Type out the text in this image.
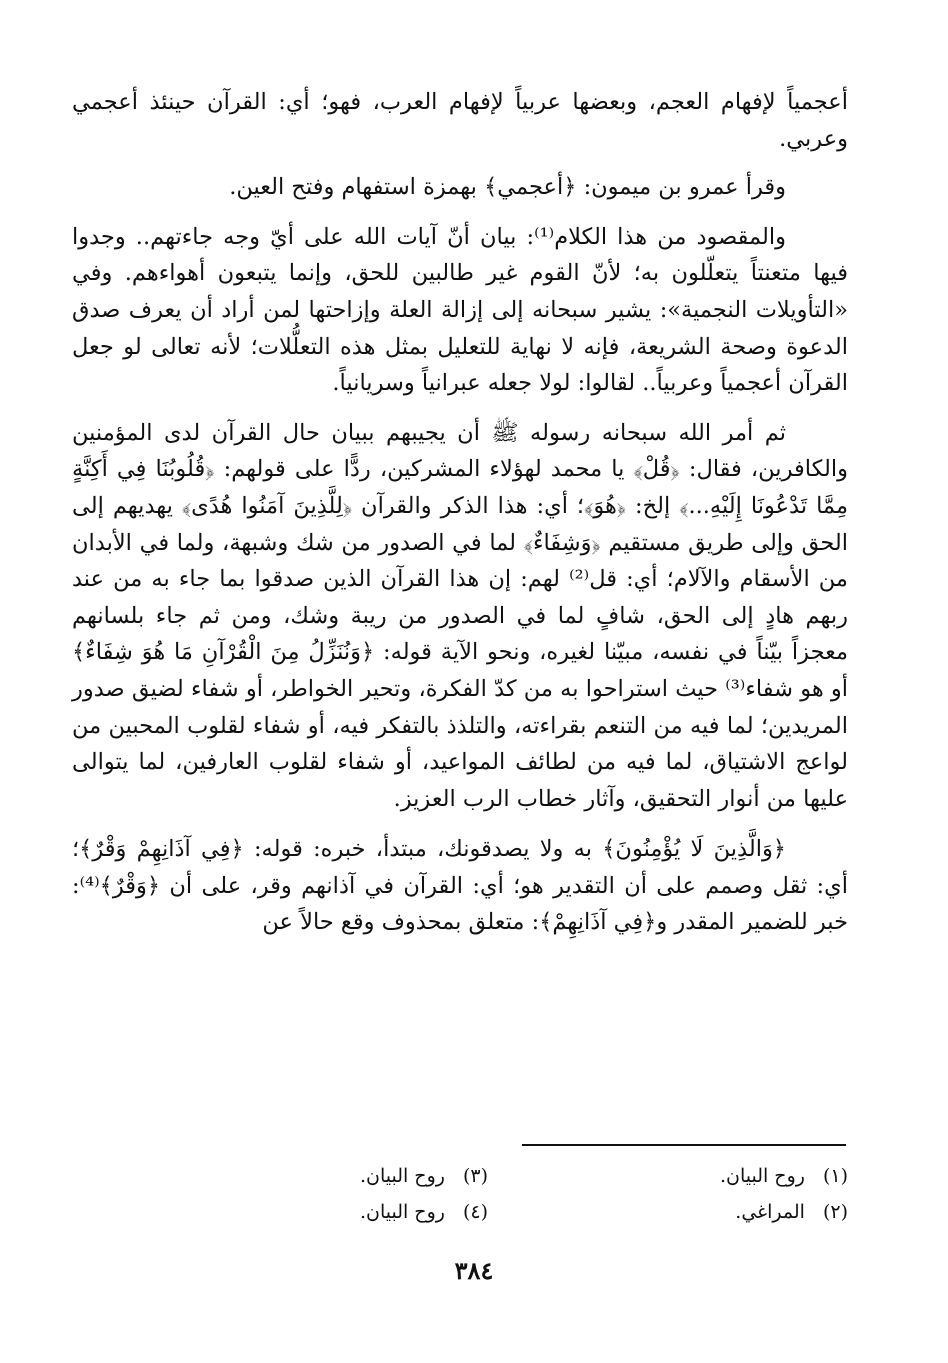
أعجمياً لإفهام العجم، وبعضها عربياً لإفهام العرب، فهو؛ أي: القرآن حينئذ أعجمي وعربي.

وقرأ عمرو بن ميمون: ﴿أعجمي﴾ بهمزة استفهام وفتح العين.

والمقصود من هذا الكلام⁽¹⁾: بيان أنّ آيات الله على أيّ وجه جاءتهم.. وجدوا فيها متعنتاً يتعلّلون به؛ لأنّ القوم غير طالبين للحق، وإنما يتبعون أهواءهم. وفي «التأويلات النجمية»: يشير سبحانه إلى إزالة العلة وإزاحتها لمن أراد أن يعرف صدق الدعوة وصحة الشريعة، فإنه لا نهاية للتعليل بمثل هذه التعلُّلات؛ لأنه تعالى لو جعل القرآن أعجمياً وعربياً.. لقالوا: لولا جعله عبرانياً وسريانياً.

ثم أمر الله سبحانه رسوله ﷺ أن يجيبهم ببيان حال القرآن لدى المؤمنين والكافرين، فقال: ﴿قُلْ﴾ يا محمد لهؤلاء المشركين، ردًّا على قولهم: ﴿قُلُوبُنَا فِي أَكِنَّةٍ مِمَّا تَدْعُونَا إِلَيْهِ...﴾ إلخ: ﴿هُوَ﴾؛ أي: هذا الذكر والقرآن ﴿لِلَّذِينَ آمَنُوا هُدًى﴾ يهديهم إلى الحق وإلى طريق مستقيم ﴿وَشِفَاءٌ﴾ لما في الصدور من شك وشبهة، ولما في الأبدان من الأسقام والآلام؛ أي: قل⁽²⁾ لهم: إن هذا القرآن الذين صدقوا بما جاء به من عند ربهم هادٍ إلى الحق، شافٍ لما في الصدور من ريبة وشك، ومن ثم جاء بلسانهم معجزاً بيّناً في نفسه، مبيّنا لغيره، ونحو الآية قوله: ﴿وَنُنَزِّلُ مِنَ الْقُرْآنِ مَا هُوَ شِفَاءٌ﴾ أو هو شفاء⁽³⁾ حيث استراحوا به من كدّ الفكرة، وتحير الخواطر، أو شفاء لضيق صدور المريدين؛ لما فيه من التنعم بقراءته، والتلذذ بالتفكر فيه، أو شفاء لقلوب المحبين من لواعج الاشتياق، لما فيه من لطائف المواعيد، أو شفاء لقلوب العارفين، لما يتوالى عليها من أنوار التحقيق، وآثار خطاب الرب العزيز.

﴿وَالَّذِينَ لَا يُؤْمِنُونَ﴾ به ولا يصدقونك، مبتدأ، خبره: قوله: ﴿فِي آذَانِهِمْ وَقْرٌ﴾؛ أي: ثقل وصمم على أن التقدير هو؛ أي: القرآن في آذانهم وقر، على أن ﴿وَقْرٌ﴾⁽⁴⁾: خبر للضمير المقدر و﴿فِي آذَانِهِمْ﴾: متعلق بمحذوف وقع حالاً عن

(١)روح البيان.
(٣)روح البيان.
(٢)المراغي.
(٤)روح البيان.
٣٨٤
